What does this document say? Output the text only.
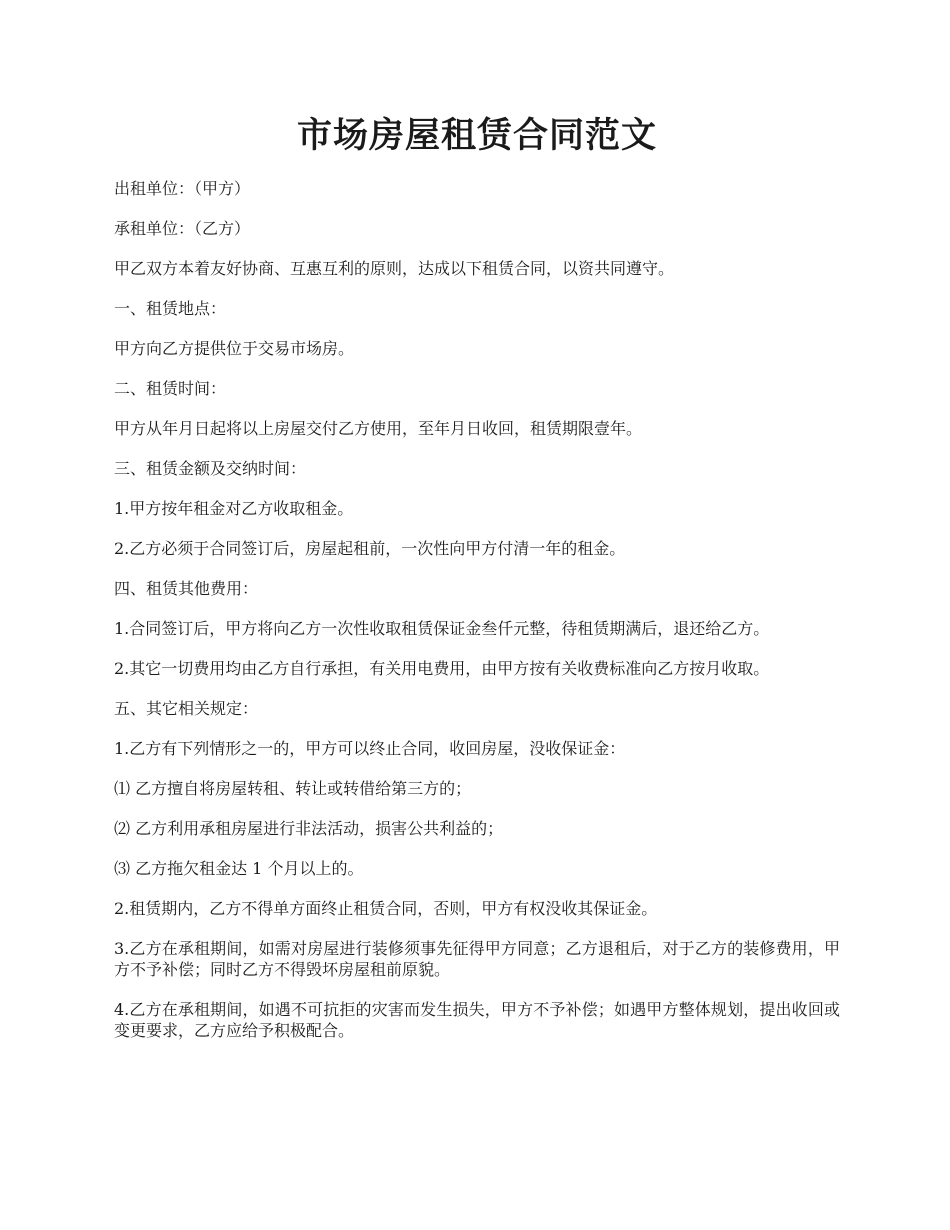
市场房屋租赁合同范文

出租单位：（甲方）

承租单位：（乙方）

甲乙双方本着友好协商、互惠互利的原则，达成以下租赁合同，以资共同遵守。

一、租赁地点：

甲方向乙方提供位于交易市场房。

二、租赁时间：

甲方从年月日起将以上房屋交付乙方使用，至年月日收回，租赁期限壹年。

三、租赁金额及交纳时间：

1.甲方按年租金对乙方收取租金。

2.乙方必须于合同签订后，房屋起租前，一次性向甲方付清一年的租金。

四、租赁其他费用：

1.合同签订后，甲方将向乙方一次性收取租赁保证金叁仟元整，待租赁期满后，退还给乙方。

2.其它一切费用均由乙方自行承担，有关用电费用，由甲方按有关收费标准向乙方按月收取。

五、其它相关规定：

1.乙方有下列情形之一的，甲方可以终止合同，收回房屋，没收保证金：

⑴ 乙方擅自将房屋转租、转让或转借给第三方的；

⑵ 乙方利用承租房屋进行非法活动，损害公共利益的；

⑶ 乙方拖欠租金达 1 个月以上的。

2.租赁期内，乙方不得单方面终止租赁合同，否则，甲方有权没收其保证金。

3.乙方在承租期间，如需对房屋进行装修须事先征得甲方同意；乙方退租后，对于乙方的装修费用，甲方不予补偿；同时乙方不得毁坏房屋租前原貌。

4.乙方在承租期间，如遇不可抗拒的灾害而发生损失，甲方不予补偿；如遇甲方整体规划，提出收回或变更要求，乙方应给予积极配合。
